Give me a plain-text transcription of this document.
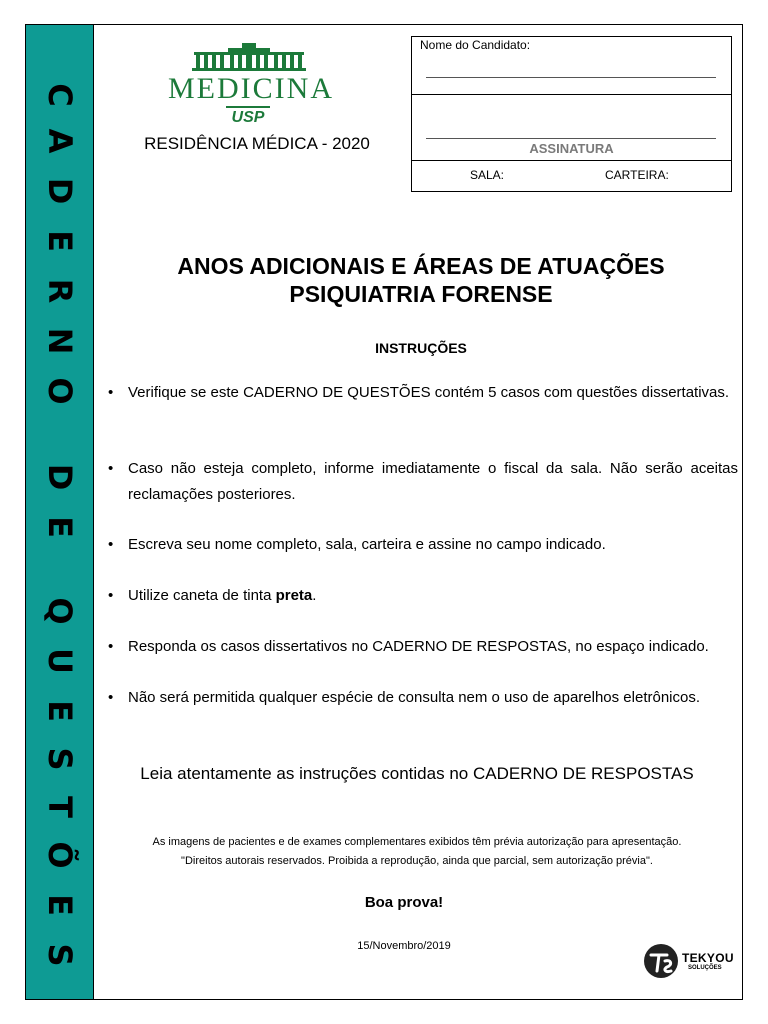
C
A
D
E
R
N
O
D
E
Q
U
E
S
T
Õ
E
S
MEDICINA
USP
RESIDÊNCIA MÉDICA - 2020
Nome do Candidato:
ASSINATURA
SALA:	CARTEIRA:
ANOS ADICIONAIS E ÁREAS DE ATUAÇÕES
PSIQUIATRIA FORENSE
INSTRUÇÕES
• Verifique se este CADERNO DE QUESTÕES contém 5 casos com questões dissertativas.
• Caso não esteja completo, informe imediatamente o fiscal da sala. Não serão aceitas reclamações posteriores.
• Escreva seu nome completo, sala, carteira e assine no campo indicado.
• Utilize caneta de tinta preta.
• Responda os casos dissertativos no CADERNO DE RESPOSTAS, no espaço indicado.
• Não será permitida qualquer espécie de consulta nem o uso de aparelhos eletrônicos.
Leia atentamente as instruções contidas no CADERNO DE RESPOSTAS
As imagens de pacientes e de exames complementares exibidos têm prévia autorização para apresentação.
"Direitos autorais reservados. Proibida a reprodução, ainda que parcial, sem autorização prévia".
Boa prova!
15/Novembro/2019
TEKYOU
SOLUÇÕES
